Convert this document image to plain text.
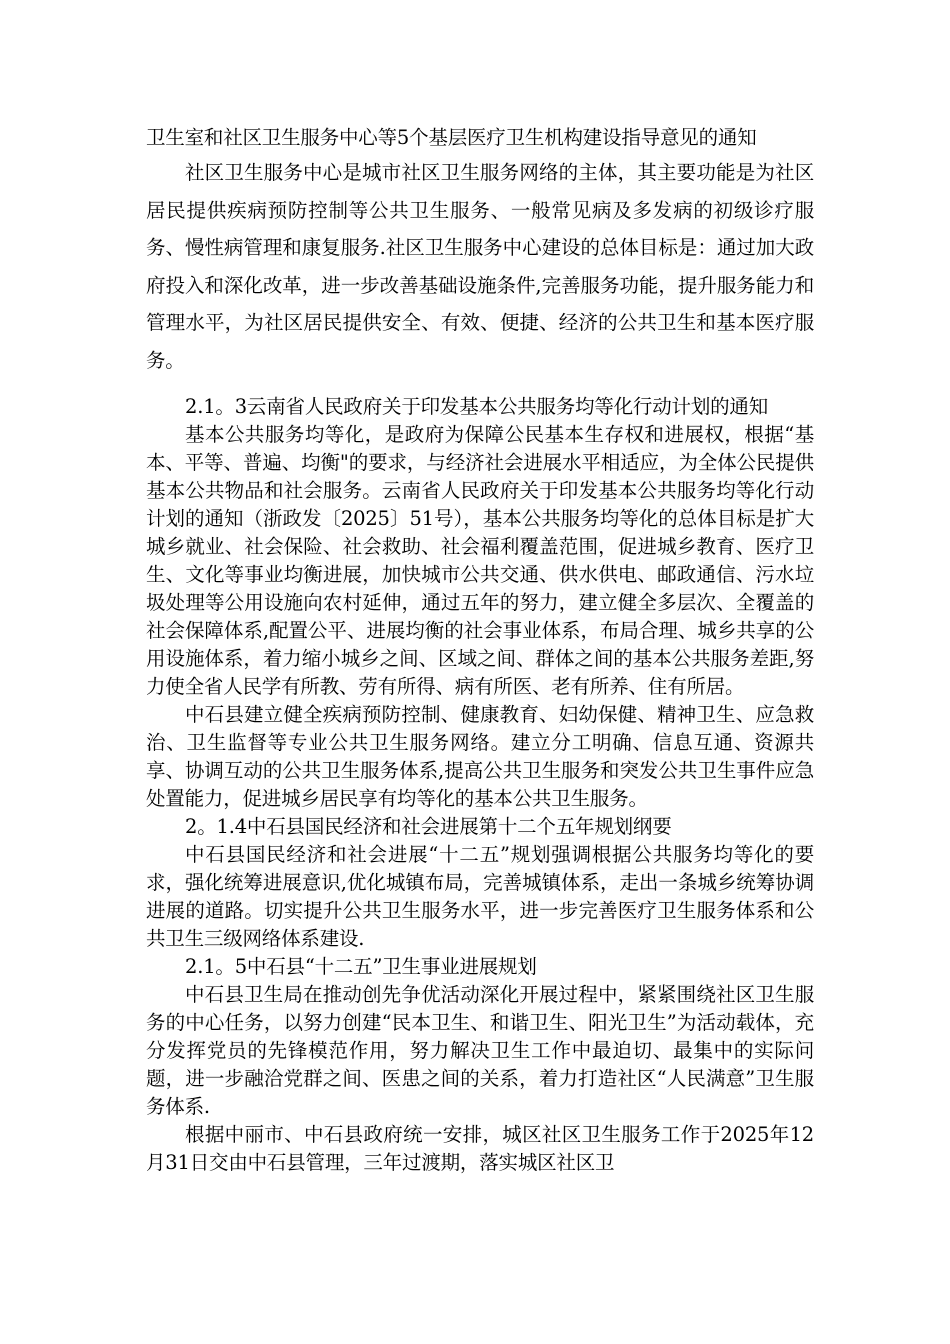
卫生室和社区卫生服务中心等5个基层医疗卫生机构建设指导意见的通知

社区卫生服务中心是城市社区卫生服务网络的主体，其主要功能是为社区居民提供疾病预防控制等公共卫生服务、一般常见病及多发病的初级诊疗服务、慢性病管理和康复服务.社区卫生服务中心建设的总体目标是：通过加大政府投入和深化改革，进一步改善基础设施条件,完善服务功能，提升服务能力和管理水平，为社区居民提供安全、有效、便捷、经济的公共卫生和基本医疗服务。

2.1。3云南省人民政府关于印发基本公共服务均等化行动计划的通知

基本公共服务均等化，是政府为保障公民基本生存权和进展权，根据“基本、平等、普遍、均衡"的要求，与经济社会进展水平相适应，为全体公民提供基本公共物品和社会服务。云南省人民政府关于印发基本公共服务均等化行动计划的通知（浙政发〔2025〕51号），基本公共服务均等化的总体目标是扩大城乡就业、社会保险、社会救助、社会福利覆盖范围，促进城乡教育、医疗卫生、文化等事业均衡进展，加快城市公共交通、供水供电、邮政通信、污水垃圾处理等公用设施向农村延伸，通过五年的努力，建立健全多层次、全覆盖的社会保障体系,配置公平、进展均衡的社会事业体系，布局合理、城乡共享的公用设施体系，着力缩小城乡之间、区域之间、群体之间的基本公共服务差距,努力使全省人民学有所教、劳有所得、病有所医、老有所养、住有所居。

中石县建立健全疾病预防控制、健康教育、妇幼保健、精神卫生、应急救治、卫生监督等专业公共卫生服务网络。建立分工明确、信息互通、资源共享、协调互动的公共卫生服务体系,提高公共卫生服务和突发公共卫生事件应急处置能力，促进城乡居民享有均等化的基本公共卫生服务。

2。1.4中石县国民经济和社会进展第十二个五年规划纲要

中石县国民经济和社会进展“十二五”规划强调根据公共服务均等化的要求，强化统筹进展意识,优化城镇布局，完善城镇体系，走出一条城乡统筹协调进展的道路。切实提升公共卫生服务水平，进一步完善医疗卫生服务体系和公共卫生三级网络体系建设.

2.1。5中石县“十二五”卫生事业进展规划

中石县卫生局在推动创先争优活动深化开展过程中，紧紧围绕社区卫生服务的中心任务，以努力创建“民本卫生、和谐卫生、阳光卫生”为活动载体，充分发挥党员的先锋模范作用，努力解决卫生工作中最迫切、最集中的实际问题，进一步融洽党群之间、医患之间的关系，着力打造社区“人民满意”卫生服务体系.

根据中丽市、中石县政府统一安排，城区社区卫生服务工作于2025年12月31日交由中石县管理，三年过渡期，落实城区社区卫
